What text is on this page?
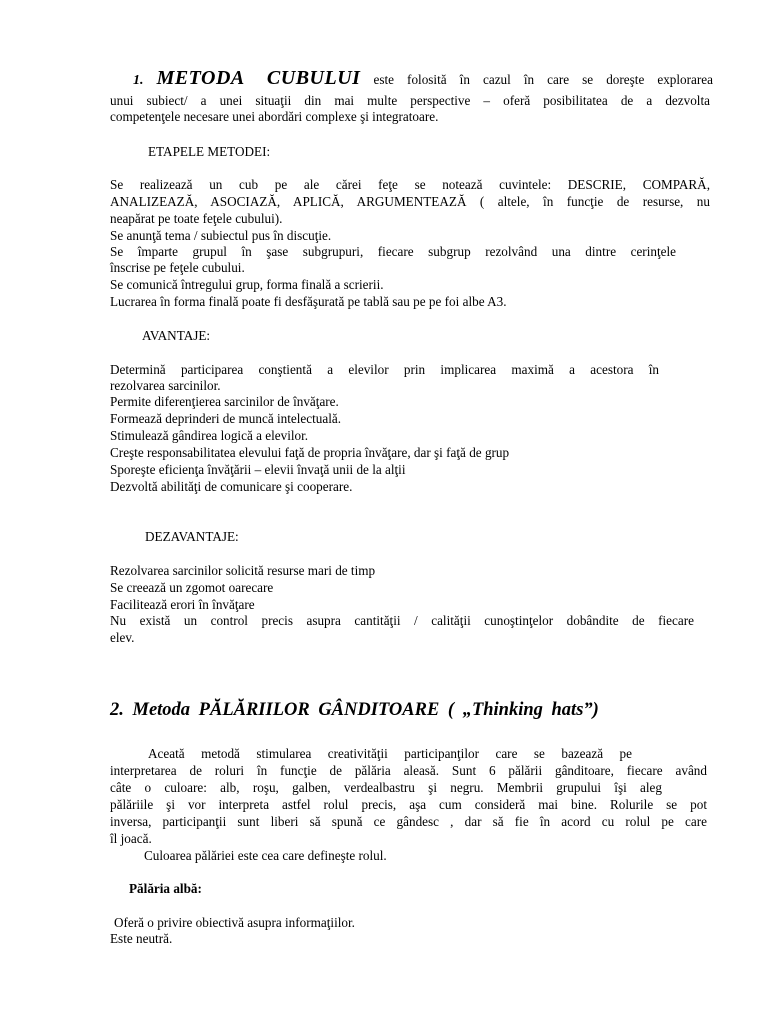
1. METODA CUBULUI este folosită în cazul în care se doreşte explorarea
unui subiect/ a unei situaţii din mai multe perspective – oferă posibilitatea de a dezvolta
competenţele necesare unei abordări complexe şi integratoare.
ETAPELE METODEI:
Se realizează un cub pe ale cărei feţe se notează cuvintele: DESCRIE, COMPARĂ,
ANALIZEAZĂ, ASOCIAZĂ, APLICĂ, ARGUMENTEAZĂ ( altele, în funcţie de resurse, nu
neapărat pe toate feţele cubului).
Se anunţă tema / subiectul pus în discuţie.
Se împarte grupul în şase subgrupuri, fiecare subgrup rezolvând una dintre cerinţele
înscrise pe feţele cubului.
Se comunică întregului grup, forma finală a scrierii.
Lucrarea în forma finală poate fi desfăşurată pe tablă sau pe pe foi albe A3.
AVANTAJE:
Determină participarea conştientă a elevilor prin implicarea maximă a acestora în
rezolvarea sarcinilor.
Permite diferenţierea sarcinilor de învăţare.
Formează deprinderi de muncă intelectuală.
Stimulează gândirea logică a elevilor.
Creşte responsabilitatea elevului faţă de propria învăţare, dar şi faţă de grup
Sporeşte eficienţa învăţării – elevii învaţă unii de la alţii
Dezvoltă abilităţi de comunicare şi cooperare.
DEZAVANTAJE:
Rezolvarea sarcinilor solicită resurse mari de timp
Se creează un zgomot oarecare
Facilitează erori în învăţare
Nu există un control precis asupra cantităţii / calităţii cunoştinţelor dobândite de fiecare
elev.
2. Metoda PĂLĂRIILOR GÂNDITOARE ( „Thinking hats”)
Aceată metodă stimularea creativităţii participanţilor care se bazează pe
interpretarea de roluri în funcţie de pălăria aleasă. Sunt 6 pălării gânditoare, fiecare având
câte o culoare: alb, roşu, galben, verdealbastru şi negru. Membrii grupului îşi aleg
pălăriile şi vor interpreta astfel rolul precis, aşa cum consideră mai bine. Rolurile se pot
inversa, participanţii sunt liberi să spună ce gândesc , dar să fie în acord cu rolul pe care
îl joacă.
Culoarea pălăriei este cea care defineşte rolul.
Pălăria albă:
Oferă o privire obiectivă asupra informaţiilor.
Este neutră.
